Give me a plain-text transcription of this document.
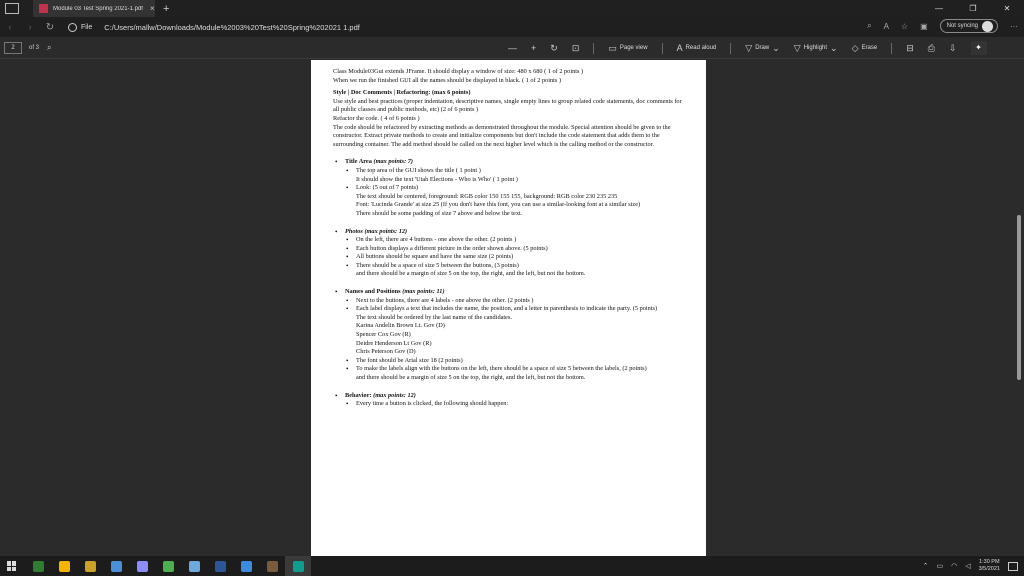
Module 03 Test Spring 2021-1.pdf × +	—	❐	✕
‹	›	↻	File C:/Users/mallw/Downloads/Module%2003%20Test%20Spring%202021 1.pdf	⌕ A ☆ ▣	Not syncing	···
2	of 3 ⌕	— + ↻ ⊡	▭ Page view	A Read aloud	▽ Draw ⌄ ▽ Highlight ⌄ ◇ Erase	⊟ ⎙ ⇩	✦

Class Module03Gui extends JFrame. It should display a window of size: 480 x 680 ( 1 of 2 points )

When we run the finished GUI all the names should be displayed in black. ( 1 of 2 points )

Style | Doc Comments | Refactoring: (max 6 points)

Use style and best practices (proper indentation, descriptive names, single empty lines to group related code statements, doc comments for all public classes and public methods, etc) (2 of 6 points )

Refactor the code. ( 4 of 6 points )

The code should be refactored by extracting methods as demonstrated throughout the module. Special attention should be given to the constructor. Extract private methods to create and initialize components but don't include the code statement that adds them to the surrounding container. The add method should be called on the next higher level which is the calling method or the constructor.

• Title Area (max points: 7)

• The top area of the GUI shows the title ( 1 point )

It should show the text 'Utah Elections - Who is Who' ( 1 point )

• Look: (5 out of 7 points)

The text should be centered, foreground: RGB color 150 155 155, background: RGB color 230 235 235

Font: 'Lucinda Grande' at size 25 (If you don't have this font, you can use a similar-looking font at a similar size)

There should be some padding of size 7 above and below the text.

• Photos (max points: 12)

• On the left, there are 4 buttons - one above the other. (2 points )

• Each button displays a different picture in the order shown above. (5 points)

• All buttons should be square and have the same size (2 points)

• There should be a space of size 5 between the buttons, (3 points)

and there should be a margin of size 5 on the top, the right, and the left, but not the bottom.

• Names and Positions (max points: 11)

• Next to the buttons, there are 4 labels - one above the other. (2 points )

• Each label displays a text that includes the name, the position, and a letter in parenthesis to indicate the party. (5 points)

The text should be ordered by the last name of the candidates.

Karina Andelin Brown Lt. Gov (D)

Spencer Cox Gov (R)

Deidre Henderson Lt Gov (R)

Chris Peterson Gov (D)

• The font should be Arial size 18 (2 points)

• To make the labels align with the buttons on the left, there should be a space of size 5 between the labels, (2 points)

and there should be a margin of size 5 on the top, the right, and the left, but not the bottom.

• Behavior: (max points: 12)

• Every time a button is clicked, the following should happen:

⌃ ▭ ◠ ◁
1:30 PM
3/5/2021
